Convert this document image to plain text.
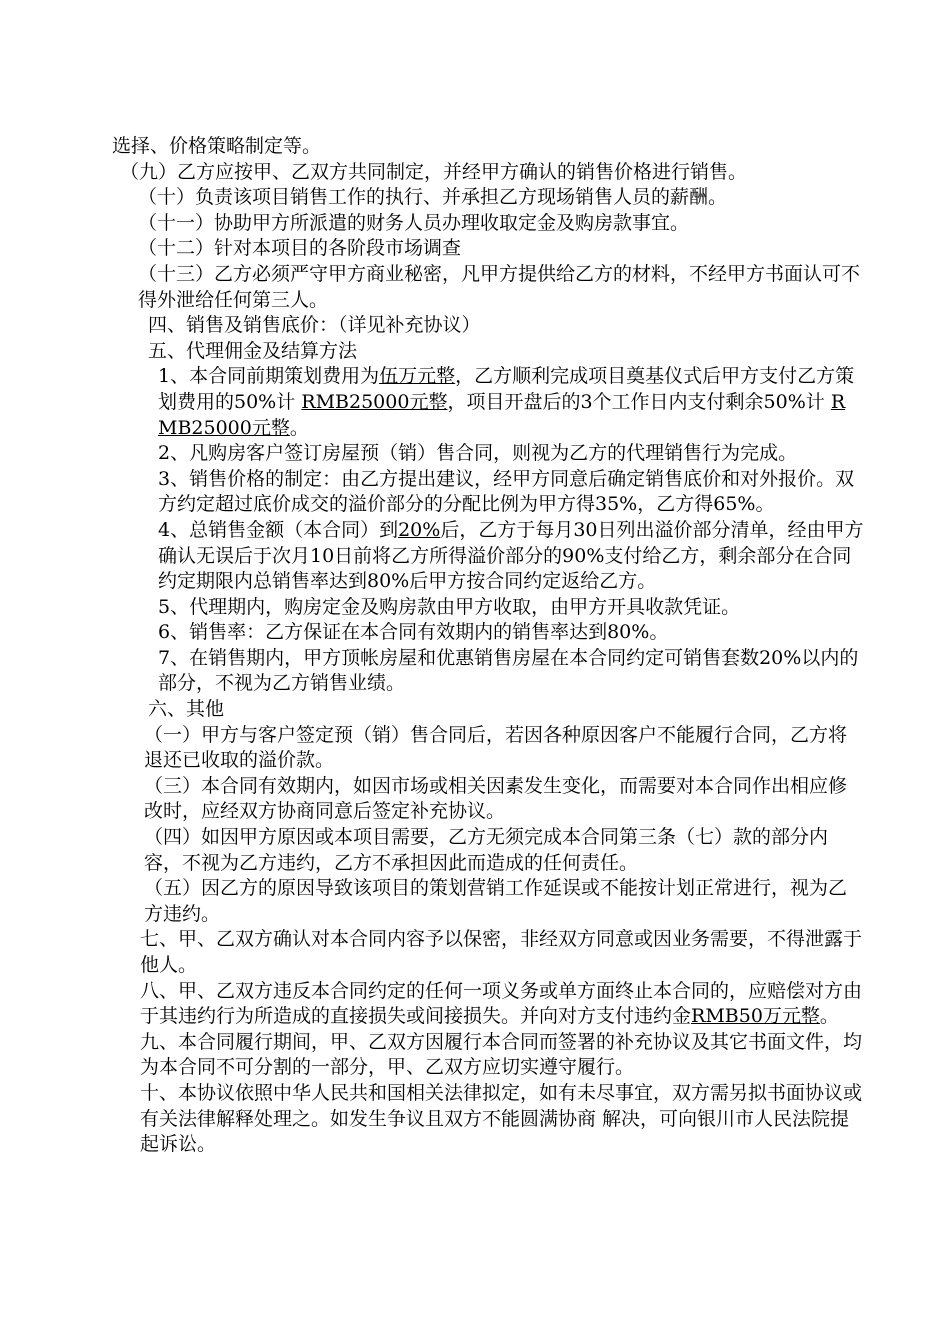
选择、价格策略制定等。

（九）乙方应按甲、乙双方共同制定，并经甲方确认的销售价格进行销售。

（十）负责该项目销售工作的执行、并承担乙方现场销售人员的薪酬。

（十一）协助甲方所派遣的财务人员办理收取定金及购房款事宜。

（十二）针对本项目的各阶段市场调查

（十三）乙方必须严守甲方商业秘密，凡甲方提供给乙方的材料，不经甲方书面认可不得外泄给任何第三人。

四、销售及销售底价：（详见补充协议）

五、代理佣金及结算方法

1、本合同前期策划费用为伍万元整，乙方顺利完成项目奠基仪式后甲方支付乙方策划费用的50%计 RMB25000元整，项目开盘后的3个工作日内支付剩余50%计 RMB25000元整。

2、凡购房客户签订房屋预（销）售合同，则视为乙方的代理销售行为完成。

3、销售价格的制定：由乙方提出建议，经甲方同意后确定销售底价和对外报价。双方约定超过底价成交的溢价部分的分配比例为甲方得35%，乙方得65%。

4、总销售金额（本合同）到20%后，乙方于每月30日列出溢价部分清单，经由甲方确认无误后于次月10日前将乙方所得溢价部分的90%支付给乙方，剩余部分在合同约定期限内总销售率达到80%后甲方按合同约定返给乙方。

5、代理期内，购房定金及购房款由甲方收取，由甲方开具收款凭证。

6、销售率：乙方保证在本合同有效期内的销售率达到80%。

7、在销售期内，甲方顶帐房屋和优惠销售房屋在本合同约定可销售套数20%以内的部分，不视为乙方销售业绩。

六、其他

（一）甲方与客户签定预（销）售合同后，若因各种原因客户不能履行合同，乙方将退还已收取的溢价款。

（三）本合同有效期内，如因市场或相关因素发生变化，而需要对本合同作出相应修改时，应经双方协商同意后签定补充协议。

（四）如因甲方原因或本项目需要，乙方无须完成本合同第三条（七）款的部分内容，不视为乙方违约，乙方不承担因此而造成的任何责任。

（五）因乙方的原因导致该项目的策划营销工作延误或不能按计划正常进行，视为乙方违约。

七、甲、乙双方确认对本合同内容予以保密，非经双方同意或因业务需要，不得泄露于他人。

八、甲、乙双方违反本合同约定的任何一项义务或单方面终止本合同的，应赔偿对方由于其违约行为所造成的直接损失或间接损失。并向对方支付违约金RMB50万元整。

九、本合同履行期间，甲、乙双方因履行本合同而签署的补充协议及其它书面文件，均为本合同不可分割的一部分，甲、乙双方应切实遵守履行。

十、本协议依照中华人民共和国相关法律拟定，如有未尽事宜，双方需另拟书面协议或有关法律解释处理之。如发生争议且双方不能圆满协商 解决，可向银川市人民法院提起诉讼。
